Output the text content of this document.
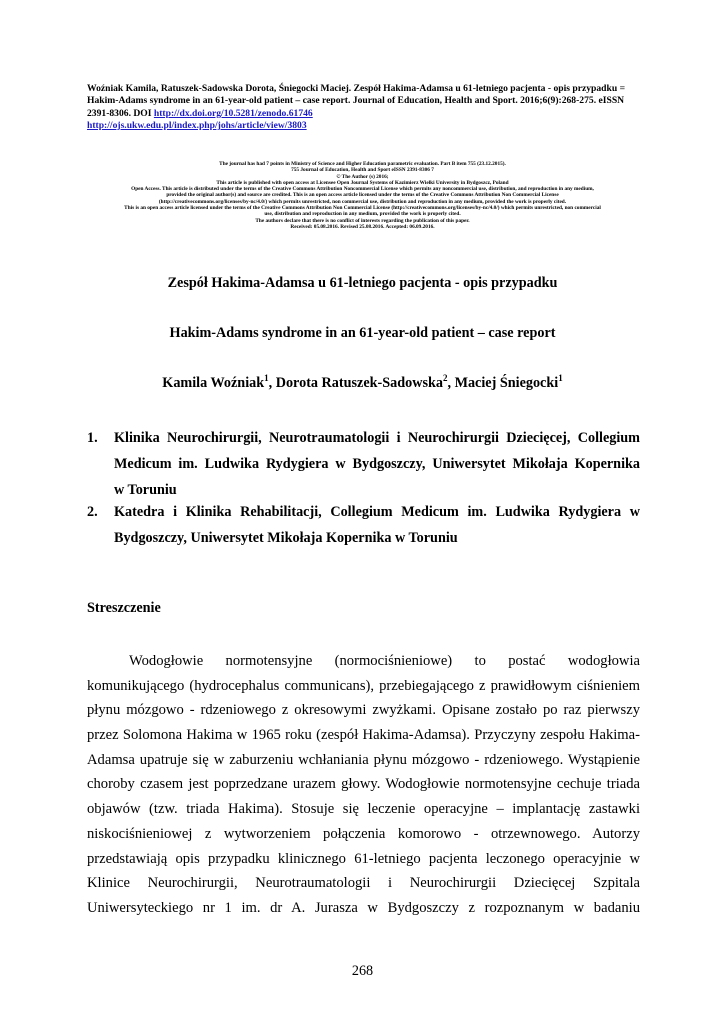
Woźniak Kamila, Ratuszek-Sadowska Dorota, Śniegocki Maciej. Zespół Hakima-Adamsa u 61-letniego pacjenta - opis przypadku =
Hakim-Adams syndrome in an 61-year-old patient – case report. Journal of Education, Health and Sport. 2016;6(9):268-275. eISSN
2391-8306. DOI http://dx.doi.org/10.5281/zenodo.61746
http://ojs.ukw.edu.pl/index.php/johs/article/view/3803
The journal has had 7 points in Ministry of Science and Higher Education parametric evaluation. Part B item 755 (23.12.2015).
755 Journal of Education, Health and Sport eISSN 2391-8306 7
© The Author (s) 2016;
This article is published with open access at Licensee Open Journal Systems of Kazimierz Wielki University in Bydgoszcz, Poland
Open Access. This article is distributed under the terms of the Creative Commons Attribution Noncommercial License which permits any noncommercial use, distribution, and reproduction in any medium,
provided the original author(s) and source are credited. This is an open access article licensed under the terms of the Creative Commons Attribution Non Commercial License
(http://creativecommons.org/licenses/by-nc/4.0/) which permits unrestricted, non commercial use, distribution and reproduction in any medium, provided the work is properly cited.
This is an open access article licensed under the terms of the Creative Commons Attribution Non Commercial License (http://creativecommons.org/licenses/by-nc/4.0/) which permits unrestricted, non commercial
use, distribution and reproduction in any medium, provided the work is properly cited.
The authors declare that there is no conflict of interests regarding the publication of this paper.
Received: 05.08.2016. Revised 25.08.2016. Accepted: 06.09.2016.
Zespół Hakima-Adamsa u 61-letniego pacjenta - opis przypadku
Hakim-Adams syndrome in an 61-year-old patient – case report
Kamila Woźniak$^1$, Dorota Ratuszek-Sadowska$^2$, Maciej Śniegocki$^1$
1. Klinika Neurochirurgii, Neurotraumatologii i Neurochirurgii Dziecięcej, Collegium
Medicum im. Ludwika Rydygiera w Bydgoszczy, Uniwersytet Mikołaja Kopernika
w Toruniu
2. Katedra i Klinika Rehabilitacji, Collegium Medicum im. Ludwika Rydygiera w
Bydgoszczy, Uniwersytet Mikołaja Kopernika w Toruniu
Streszczenie
Wodogłowie normotensyjne (normociśnieniowe) to postać wodogłowia
komunikującego (hydrocephalus communicans), przebiegającego z prawidłowym ciśnieniem
płynu mózgowo - rdzeniowego z okresowymi zwyżkami. Opisane zostało po raz pierwszy
przez Solomona Hakima w 1965 roku (zespół Hakima-Adamsa). Przyczyny zespołu Hakima-
Adamsa upatruje się w zaburzeniu wchłaniania płynu mózgowo - rdzeniowego. Wystąpienie
choroby czasem jest poprzedzane urazem głowy. Wodogłowie normotensyjne cechuje triada
objawów (tzw. triada Hakima). Stosuje się leczenie operacyjne – implantację zastawki
niskociśnieniowej z wytworzeniem połączenia komorowo - otrzewnowego. Autorzy
przedstawiają opis przypadku klinicznego 61-letniego pacjenta leczonego operacyjnie w
Klinice Neurochirurgii, Neurotraumatologii i Neurochirurgii Dziecięcej Szpitala
Uniwersyteckiego nr 1 im. dr A. Jurasza w Bydgoszczy z rozpoznanym w badaniu
268
